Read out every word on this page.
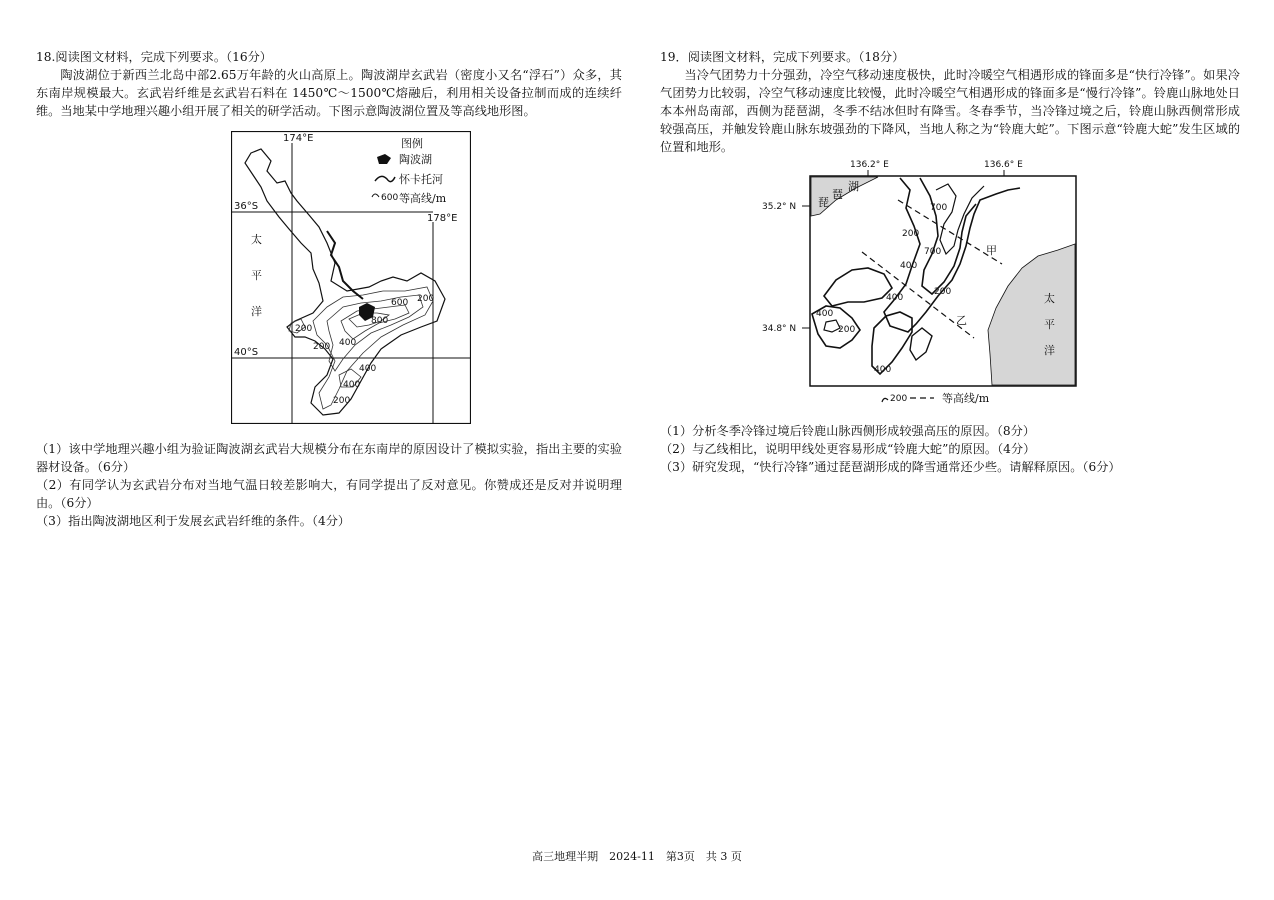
18.阅读图文材料，完成下列要求。（16分）

陶波湖位于新西兰北岛中部2.65万年龄的火山高原上。陶波湖岸玄武岩（密度小又名“浮石”）众多，其东南岸规模最大。玄武岩纤维是玄武岩石料在 1450℃～1500℃熔融后，利用相关设备拉制而成的连续纤维。当地某中学地理兴趣小组开展了相关的研学活动。下图示意陶波湖位置及等高线地形图。

174°E
178°E
36°S
40°S
太
平
洋
图例
陶波湖
怀卡托河
600 等高线/m
200
200
200
400
400
400
600
800
200

（1）该中学地理兴趣小组为验证陶波湖玄武岩大规模分布在东南岸的原因设计了模拟实验，指出主要的实验器材设备。（6分）

（2）有同学认为玄武岩分布对当地气温日较差影响大，有同学提出了反对意见。你赞成还是反对并说明理由。（6分）

（3）指出陶波湖地区利于发展玄武岩纤维的条件。（4分）

19．阅读图文材料，完成下列要求。（18分）

当冷气团势力十分强劲，冷空气移动速度极快，此时冷暖空气相遇形成的锋面多是“快行冷锋”。如果冷气团势力比较弱，冷空气移动速度比较慢，此时冷暖空气相遇形成的锋面多是“慢行冷锋”。铃鹿山脉地处日本本州岛南部，西侧为琵琶湖，冬季不结冰但时有降雪。冬春季节，当冷锋过境之后，铃鹿山脉西侧常形成较强高压，并触发铃鹿山脉东坡强劲的下降风，当地人称之为“铃鹿大蛇”。下图示意“铃鹿大蛇”发生区域的位置和地形。

136.2° E	136.6° E
35.2° N
34.8° N
琵
琶
湖
太
平
洋
甲
乙
700
700
200
400
200
400
400
200
400
200	等高线/m

（1）分析冬季冷锋过境后铃鹿山脉西侧形成较强高压的原因。（8分）

（2）与乙线相比，说明甲线处更容易形成“铃鹿大蛇”的原因。（4分）

（3）研究发现，“快行冷锋”通过琵琶湖形成的降雪通常还少些。请解释原因。（6分）

高三地理半期　2024-11　第3页　共 3 页
